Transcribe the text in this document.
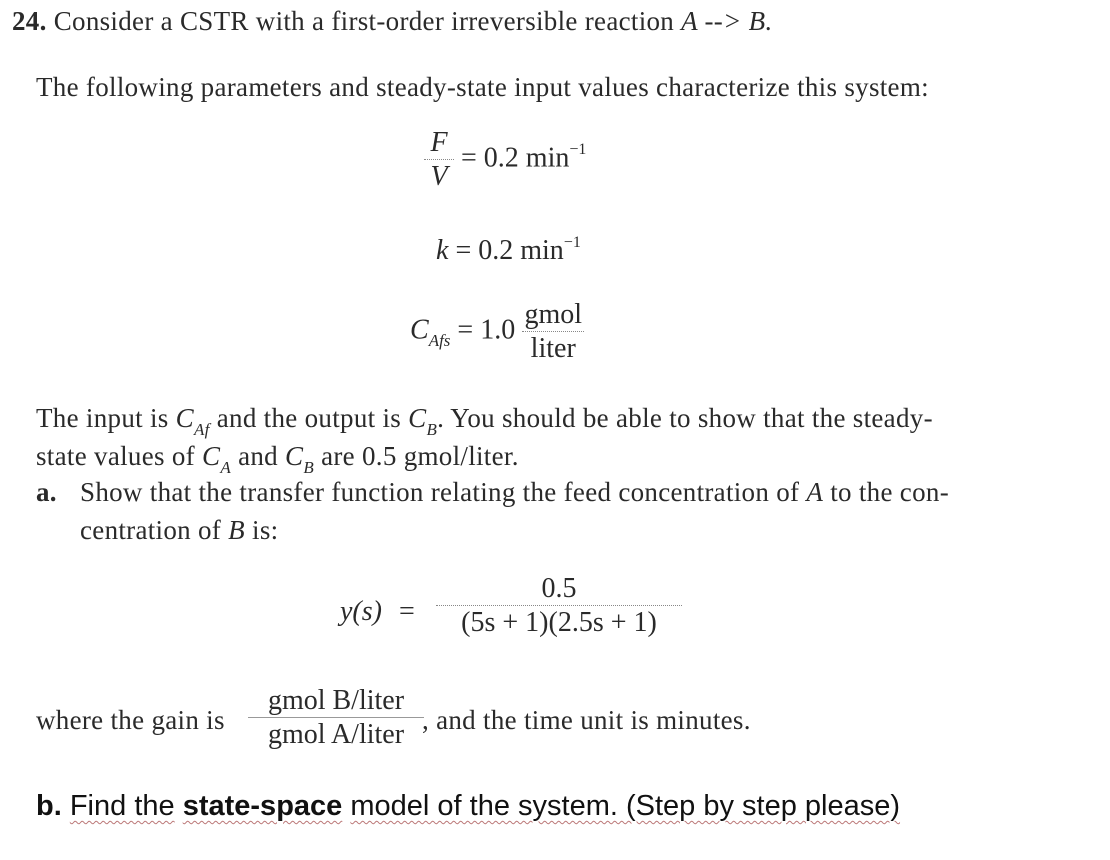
24. Consider a CSTR with a first-order irreversible reaction A --> B.
The following parameters and steady-state input values characterize this system:
$\frac{F}{V} = 0.2$ $\min^{-1}$
k = 0.2 $\min^{-1}$
$C_{Afs} = 1.0 \frac{\text{gmol}}{\text{liter}}$
The input is $C_{Af}$ and the output is $C_B$. You should be able to show that the steady-
state values of $C_A$ and $C_B$ are 0.5 gmol/liter.
a. Show that the transfer function relating the feed concentration of A to the con-
centration of B is:
y(s) =
0.5
(5s + 1)(2.5s + 1)
where the gain is
gmol B/liter
gmol A/liter , and the time unit is minutes.
b. Find the state-space model of the system. (Step by step please)
